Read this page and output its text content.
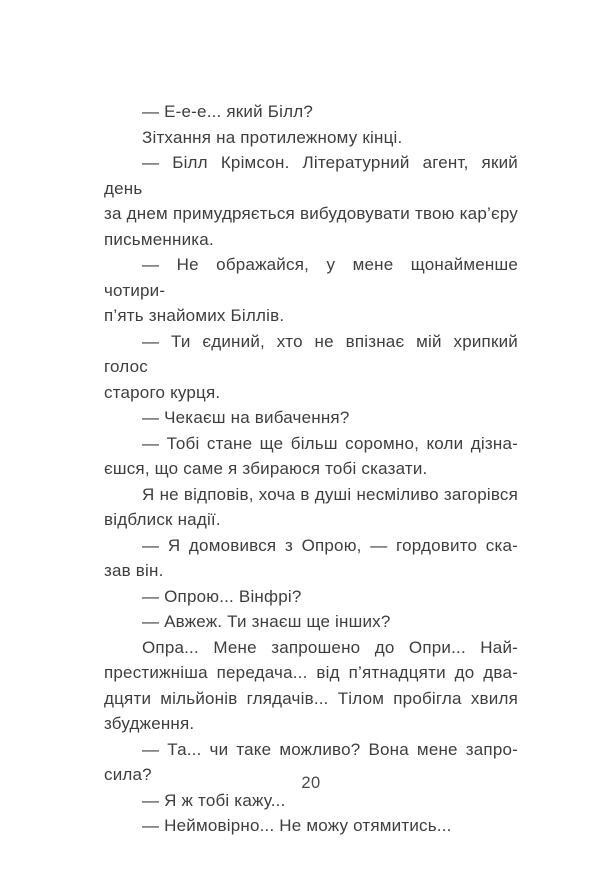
— Е-е-е... який Білл?
Зітхання на протилежному кінці.
— Білл Крімсон. Літературний агент, який день
за днем примудряється вибудовувати твою кар’єру
письменника.
— Не ображайся, у мене щонайменше чотири-
п’ять знайомих Біллів.
— Ти єдиний, хто не впізнає мій хрипкий голос
старого курця.
— Чекаєш на вибачення?
— Тобі стане ще більш соромно, коли дізна-
єшся, що саме я збираюся тобі сказати.
Я не відповів, хоча в душі несміливо загорівся
відблиск надії.
— Я домовився з Опрою, — гордовито ска-
зав він.
— Опрою... Вінфрі?
— Авжеж. Ти знаєш ще інших?
Опра... Мене запрошено до Опри... Най-
престижніша передача... від п’ятнадцяти до два-
дцяти мільйонів глядачів... Тілом пробігла хвиля
збудження.
— Та... чи таке можливо? Вона мене запро-
сила?
— Я ж тобі кажу...
— Неймовірно... Не можу отямитись...
20
